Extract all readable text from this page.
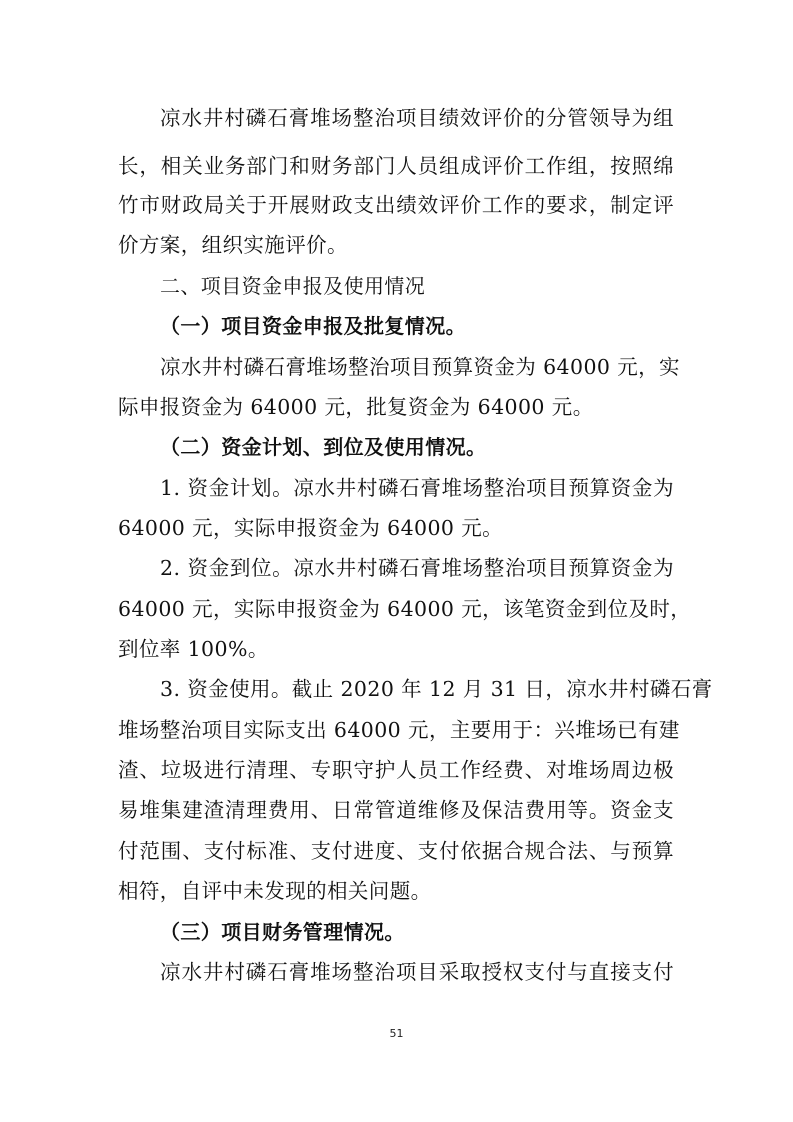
凉水井村磷石膏堆场整治项目绩效评价的分管领导为组
长，相关业务部门和财务部门人员组成评价工作组，按照绵
竹市财政局关于开展财政支出绩效评价工作的要求，制定评
价方案，组织实施评价。
二、项目资金申报及使用情况
（一）项目资金申报及批复情况。
凉水井村磷石膏堆场整治项目预算资金为 64000 元，实
际申报资金为 64000 元，批复资金为 64000 元。
（二）资金计划、到位及使用情况。
1. 资金计划。凉水井村磷石膏堆场整治项目预算资金为
64000 元，实际申报资金为 64000 元。
2. 资金到位。凉水井村磷石膏堆场整治项目预算资金为
64000 元，实际申报资金为 64000 元，该笔资金到位及时，
到位率 100%。
3. 资金使用。截止 2020 年 12 月 31 日，凉水井村磷石膏
堆场整治项目实际支出 64000 元，主要用于：兴堆场已有建
渣、垃圾进行清理、专职守护人员工作经费、对堆场周边极
易堆集建渣清理费用、日常管道维修及保洁费用等。资金支
付范围、支付标准、支付进度、支付依据合规合法、与预算
相符，自评中未发现的相关问题。
（三）项目财务管理情况。
凉水井村磷石膏堆场整治项目采取授权支付与直接支付
51
